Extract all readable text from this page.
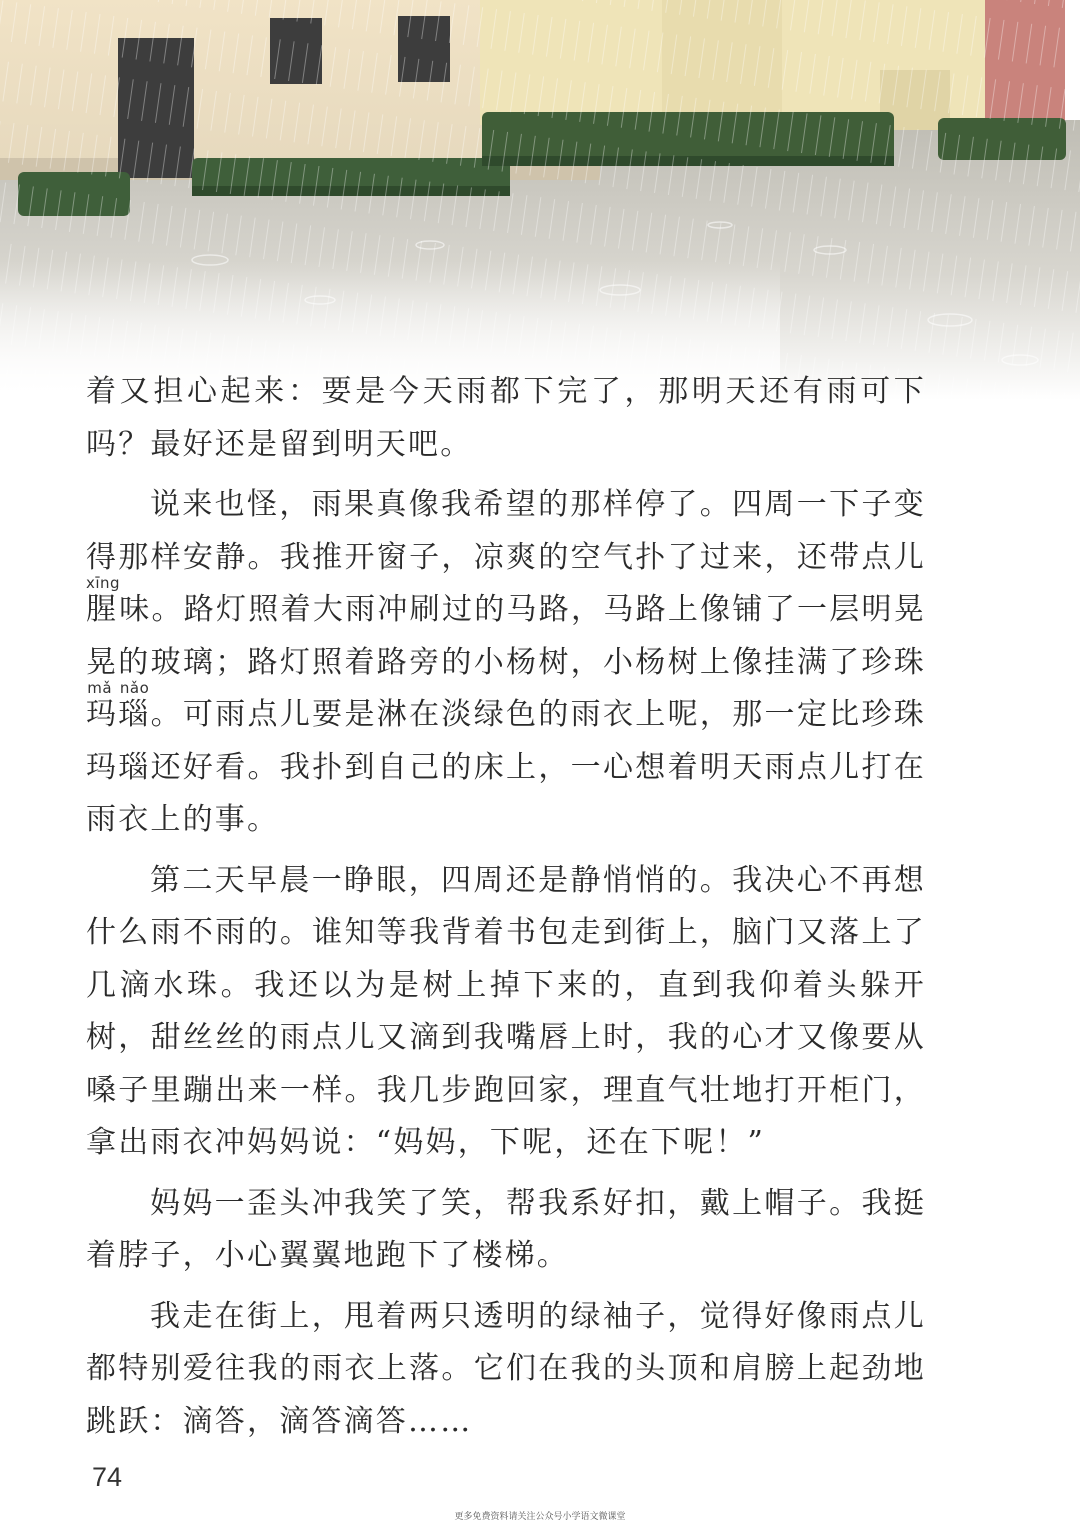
着又担心起来：要是今天雨都下完了，那明天还有雨可下吗？最好还是留到明天吧。

说来也怪，雨果真像我希望的那样停了。四周一下子变得那样安静。我推开窗子，凉爽的空气扑了过来，还带点儿腥xīng味。路灯照着大雨冲刷过的马路，马路上像铺了一层明晃晃的玻璃；路灯照着路旁的小杨树，小杨树上像挂满了珍珠玛瑙mǎ nǎo。可雨点儿要是淋在淡绿色的雨衣上呢，那一定比珍珠玛瑙还好看。我扑到自己的床上，一心想着明天雨点儿打在雨衣上的事。

第二天早晨一睁眼，四周还是静悄悄的。我决心不再想什么雨不雨的。谁知等我背着书包走到街上，脑门又落上了几滴水珠。我还以为是树上掉下来的，直到我仰着头躲开树，甜丝丝的雨点儿又滴到我嘴唇上时，我的心才又像要从嗓子里蹦出来一样。我几步跑回家，理直气壮地打开柜门，拿出雨衣冲妈妈说：“妈妈，下呢，还在下呢！”

妈妈一歪头冲我笑了笑，帮我系好扣，戴上帽子。我挺着脖子，小心翼翼地跑下了楼梯。

我走在街上，甩着两只透明的绿袖子，觉得好像雨点儿都特别爱往我的雨衣上落。它们在我的头顶和肩膀上起劲地跳跃：滴答，滴答滴答……

74
更多免费资料请关注公众号小学语文微课堂
